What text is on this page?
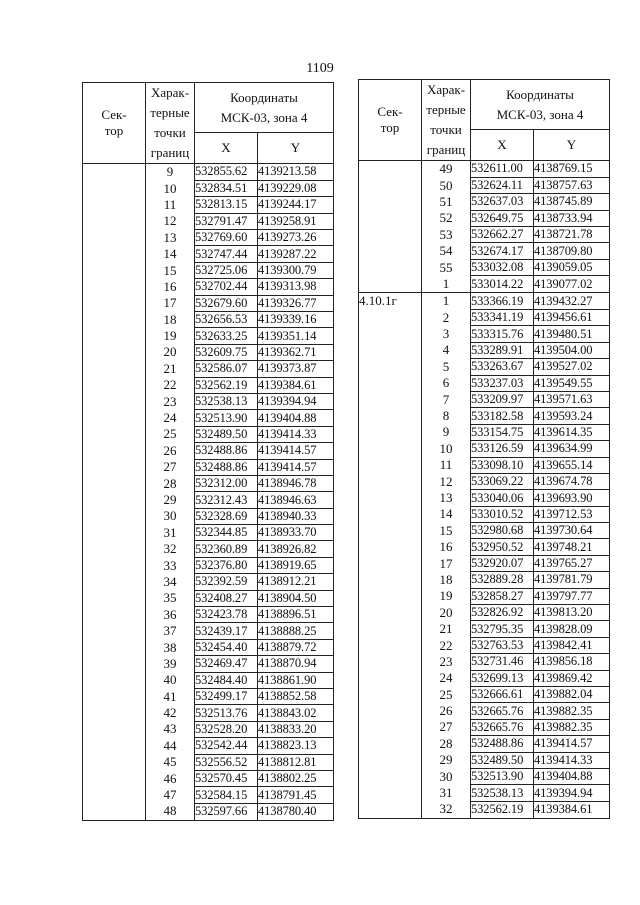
1109
Сек-
тор	Харак-
терные
точки
границ	Координаты
МСК-03, зона 4	
		X	Y
	9	532855.62	4139213.58
	10	532834.51	4139229.08
	11	532813.15	4139244.17
	12	532791.47	4139258.91
	13	532769.60	4139273.26
	14	532747.44	4139287.22
	15	532725.06	4139300.79
	16	532702.44	4139313.98
	17	532679.60	4139326.77
	18	532656.53	4139339.16
	19	532633.25	4139351.14
	20	532609.75	4139362.71
	21	532586.07	4139373.87
	22	532562.19	4139384.61
	23	532538.13	4139394.94
	24	532513.90	4139404.88
	25	532489.50	4139414.33
	26	532488.86	4139414.57
	27	532488.86	4139414.57
	28	532312.00	4138946.78
	29	532312.43	4138946.63
	30	532328.69	4138940.33
	31	532344.85	4138933.70
	32	532360.89	4138926.82
	33	532376.80	4138919.65
	34	532392.59	4138912.21
	35	532408.27	4138904.50
	36	532423.78	4138896.51
	37	532439.17	4138888.25
	38	532454.40	4138879.72
	39	532469.47	4138870.94
	40	532484.40	4138861.90
	41	532499.17	4138852.58
	42	532513.76	4138843.02
	43	532528.20	4138833.20
	44	532542.44	4138823.13
	45	532556.52	4138812.81
	46	532570.45	4138802.25
	47	532584.15	4138791.45
	48	532597.66	4138780.40
Сек-
тор	Харак-
терные
точки
границ	Координаты
МСК-03, зона 4	
		X	Y
	49	532611.00	4138769.15
	50	532624.11	4138757.63
	51	532637.03	4138745.89
	52	532649.75	4138733.94
	53	532662.27	4138721.78
	54	532674.17	4138709.80
	55	533032.08	4139059.05
	1	533014.22	4139077.02
4.10.1г	1	533366.19	4139432.27
	2	533341.19	4139456.61
	3	533315.76	4139480.51
	4	533289.91	4139504.00
	5	533263.67	4139527.02
	6	533237.03	4139549.55
	7	533209.97	4139571.63
	8	533182.58	4139593.24
	9	533154.75	4139614.35
	10	533126.59	4139634.99
	11	533098.10	4139655.14
	12	533069.22	4139674.78
	13	533040.06	4139693.90
	14	533010.52	4139712.53
	15	532980.68	4139730.64
	16	532950.52	4139748.21
	17	532920.07	4139765.27
	18	532889.28	4139781.79
	19	532858.27	4139797.77
	20	532826.92	4139813.20
	21	532795.35	4139828.09
	22	532763.53	4139842.41
	23	532731.46	4139856.18
	24	532699.13	4139869.42
	25	532666.61	4139882.04
	26	532665.76	4139882.35
	27	532665.76	4139882.35
	28	532488.86	4139414.57
	29	532489.50	4139414.33
	30	532513.90	4139404.88
	31	532538.13	4139394.94
	32	532562.19	4139384.61
